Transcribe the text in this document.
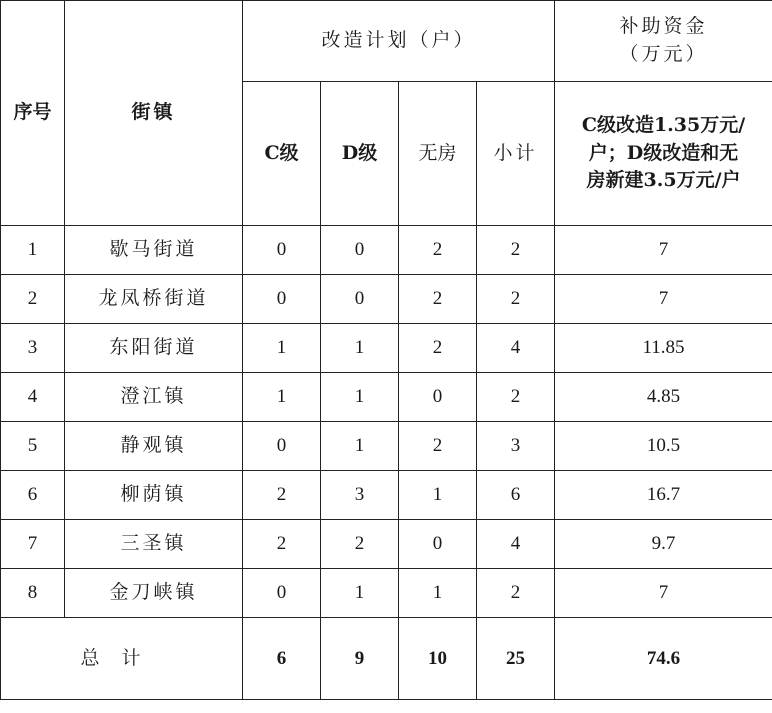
序号	街镇	改造计划（户）				补助资金
（万元）

		C级	D级	无房	小计	C级改造1.35万元/
户；D级改造和无
房新建3.5万元/户

1	歇马街道	0	0	2	2	7
2	龙凤桥街道	0	0	2	2	7
3	东阳街道	1	1	2	4	11.85
4	澄江镇	1	1	0	2	4.85
5	静观镇	0	1	2	3	10.5
6	柳荫镇	2	3	1	6	16.7
7	三圣镇	2	2	0	4	9.7
8	金刀峡镇	0	1	1	2	7
总计		6	9	10	25	74.6
